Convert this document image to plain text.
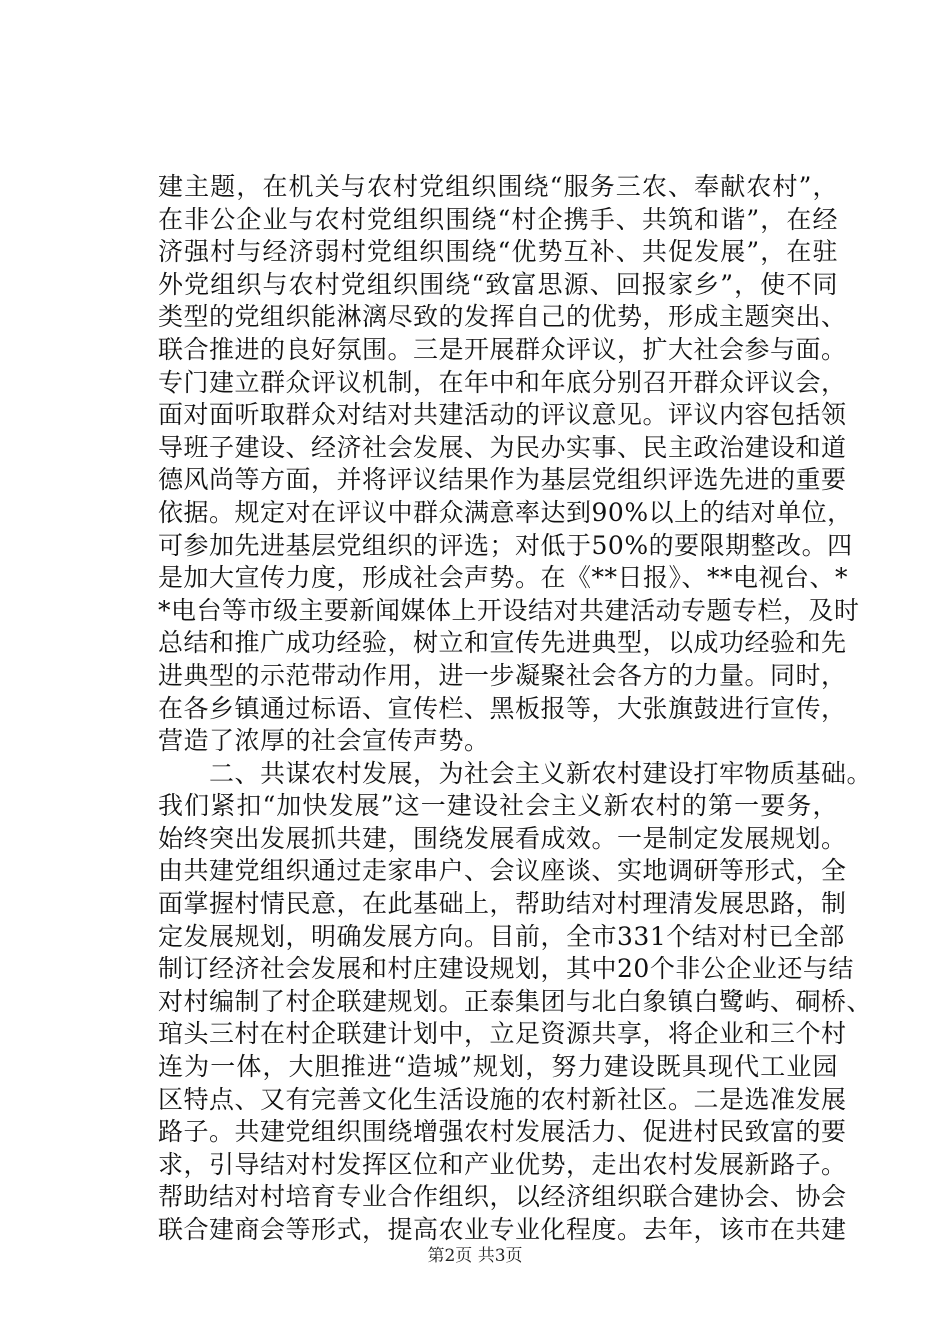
建主题，在机关与农村党组织围绕“服务三农、奉献农村”，
在非公企业与农村党组织围绕“村企携手、共筑和谐”，在经
济强村与经济弱村党组织围绕“优势互补、共促发展”，在驻
外党组织与农村党组织围绕“致富思源、回报家乡”，使不同
类型的党组织能淋漓尽致的发挥自己的优势，形成主题突出、
联合推进的良好氛围。三是开展群众评议，扩大社会参与面。
专门建立群众评议机制，在年中和年底分别召开群众评议会，
面对面听取群众对结对共建活动的评议意见。评议内容包括领
导班子建设、经济社会发展、为民办实事、民主政治建设和道
德风尚等方面，并将评议结果作为基层党组织评选先进的重要
依据。规定对在评议中群众满意率达到90%以上的结对单位，
可参加先进基层党组织的评选；对低于50%的要限期整改。四
是加大宣传力度，形成社会声势。在《**日报》、**电视台、*
*电台等市级主要新闻媒体上开设结对共建活动专题专栏，及时
总结和推广成功经验，树立和宣传先进典型，以成功经验和先
进典型的示范带动作用，进一步凝聚社会各方的力量。同时，
在各乡镇通过标语、宣传栏、黑板报等，大张旗鼓进行宣传，
营造了浓厚的社会宣传声势。
　　二、共谋农村发展，为社会主义新农村建设打牢物质基础。
我们紧扣“加快发展”这一建设社会主义新农村的第一要务，
始终突出发展抓共建，围绕发展看成效。一是制定发展规划。
由共建党组织通过走家串户、会议座谈、实地调研等形式，全
面掌握村情民意，在此基础上，帮助结对村理清发展思路，制
定发展规划，明确发展方向。目前，全市331个结对村已全部
制订经济社会发展和村庄建设规划，其中20个非公企业还与结
对村编制了村企联建规划。正泰集团与北白象镇白鹭屿、硐桥、
琯头三村在村企联建计划中，立足资源共享，将企业和三个村
连为一体，大胆推进“造城”规划，努力建设既具现代工业园
区特点、又有完善文化生活设施的农村新社区。二是选准发展
路子。共建党组织围绕增强农村发展活力、促进村民致富的要
求，引导结对村发挥区位和产业优势，走出农村发展新路子。
帮助结对村培育专业合作组织，以经济组织联合建协会、协会
联合建商会等形式，提高农业专业化程度。去年，该市在共建
第2页 共3页
